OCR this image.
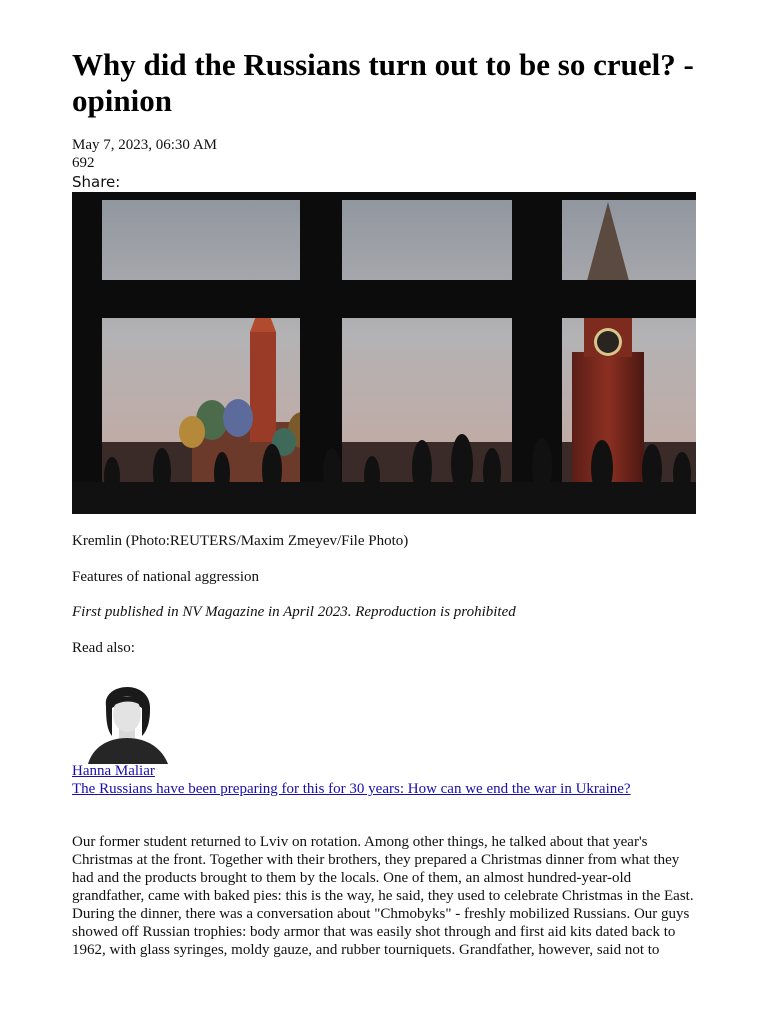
Why did the Russians turn out to be so cruel? - opinion
May 7, 2023, 06:30 AM
692
Share:

Kremlin (Photo:REUTERS/Maxim Zmeyev/File Photo)

Features of national aggression

First published in NV Magazine in April 2023. Reproduction is prohibited

Read also:

Hanna Maliar
The Russians have been preparing for this for 30 years: How can we end the war in Ukraine?

Our former student returned to Lviv on rotation. Among other things, he talked about that year's Christmas at the front. Together with their brothers, they prepared a Christmas dinner from what they had and the products brought to them by the locals. One of them, an almost hundred-year-old grandfather, came with baked pies: this is the way, he said, they used to celebrate Christmas in the East. During the dinner, there was a conversation about "Chmobyks" - freshly mobilized Russians. Our guys showed off Russian trophies: body armor that was easily shot through and first aid kits dated back to 1962, with glass syringes, moldy gauze, and rubber tourniquets. Grandfather, however, said not to
